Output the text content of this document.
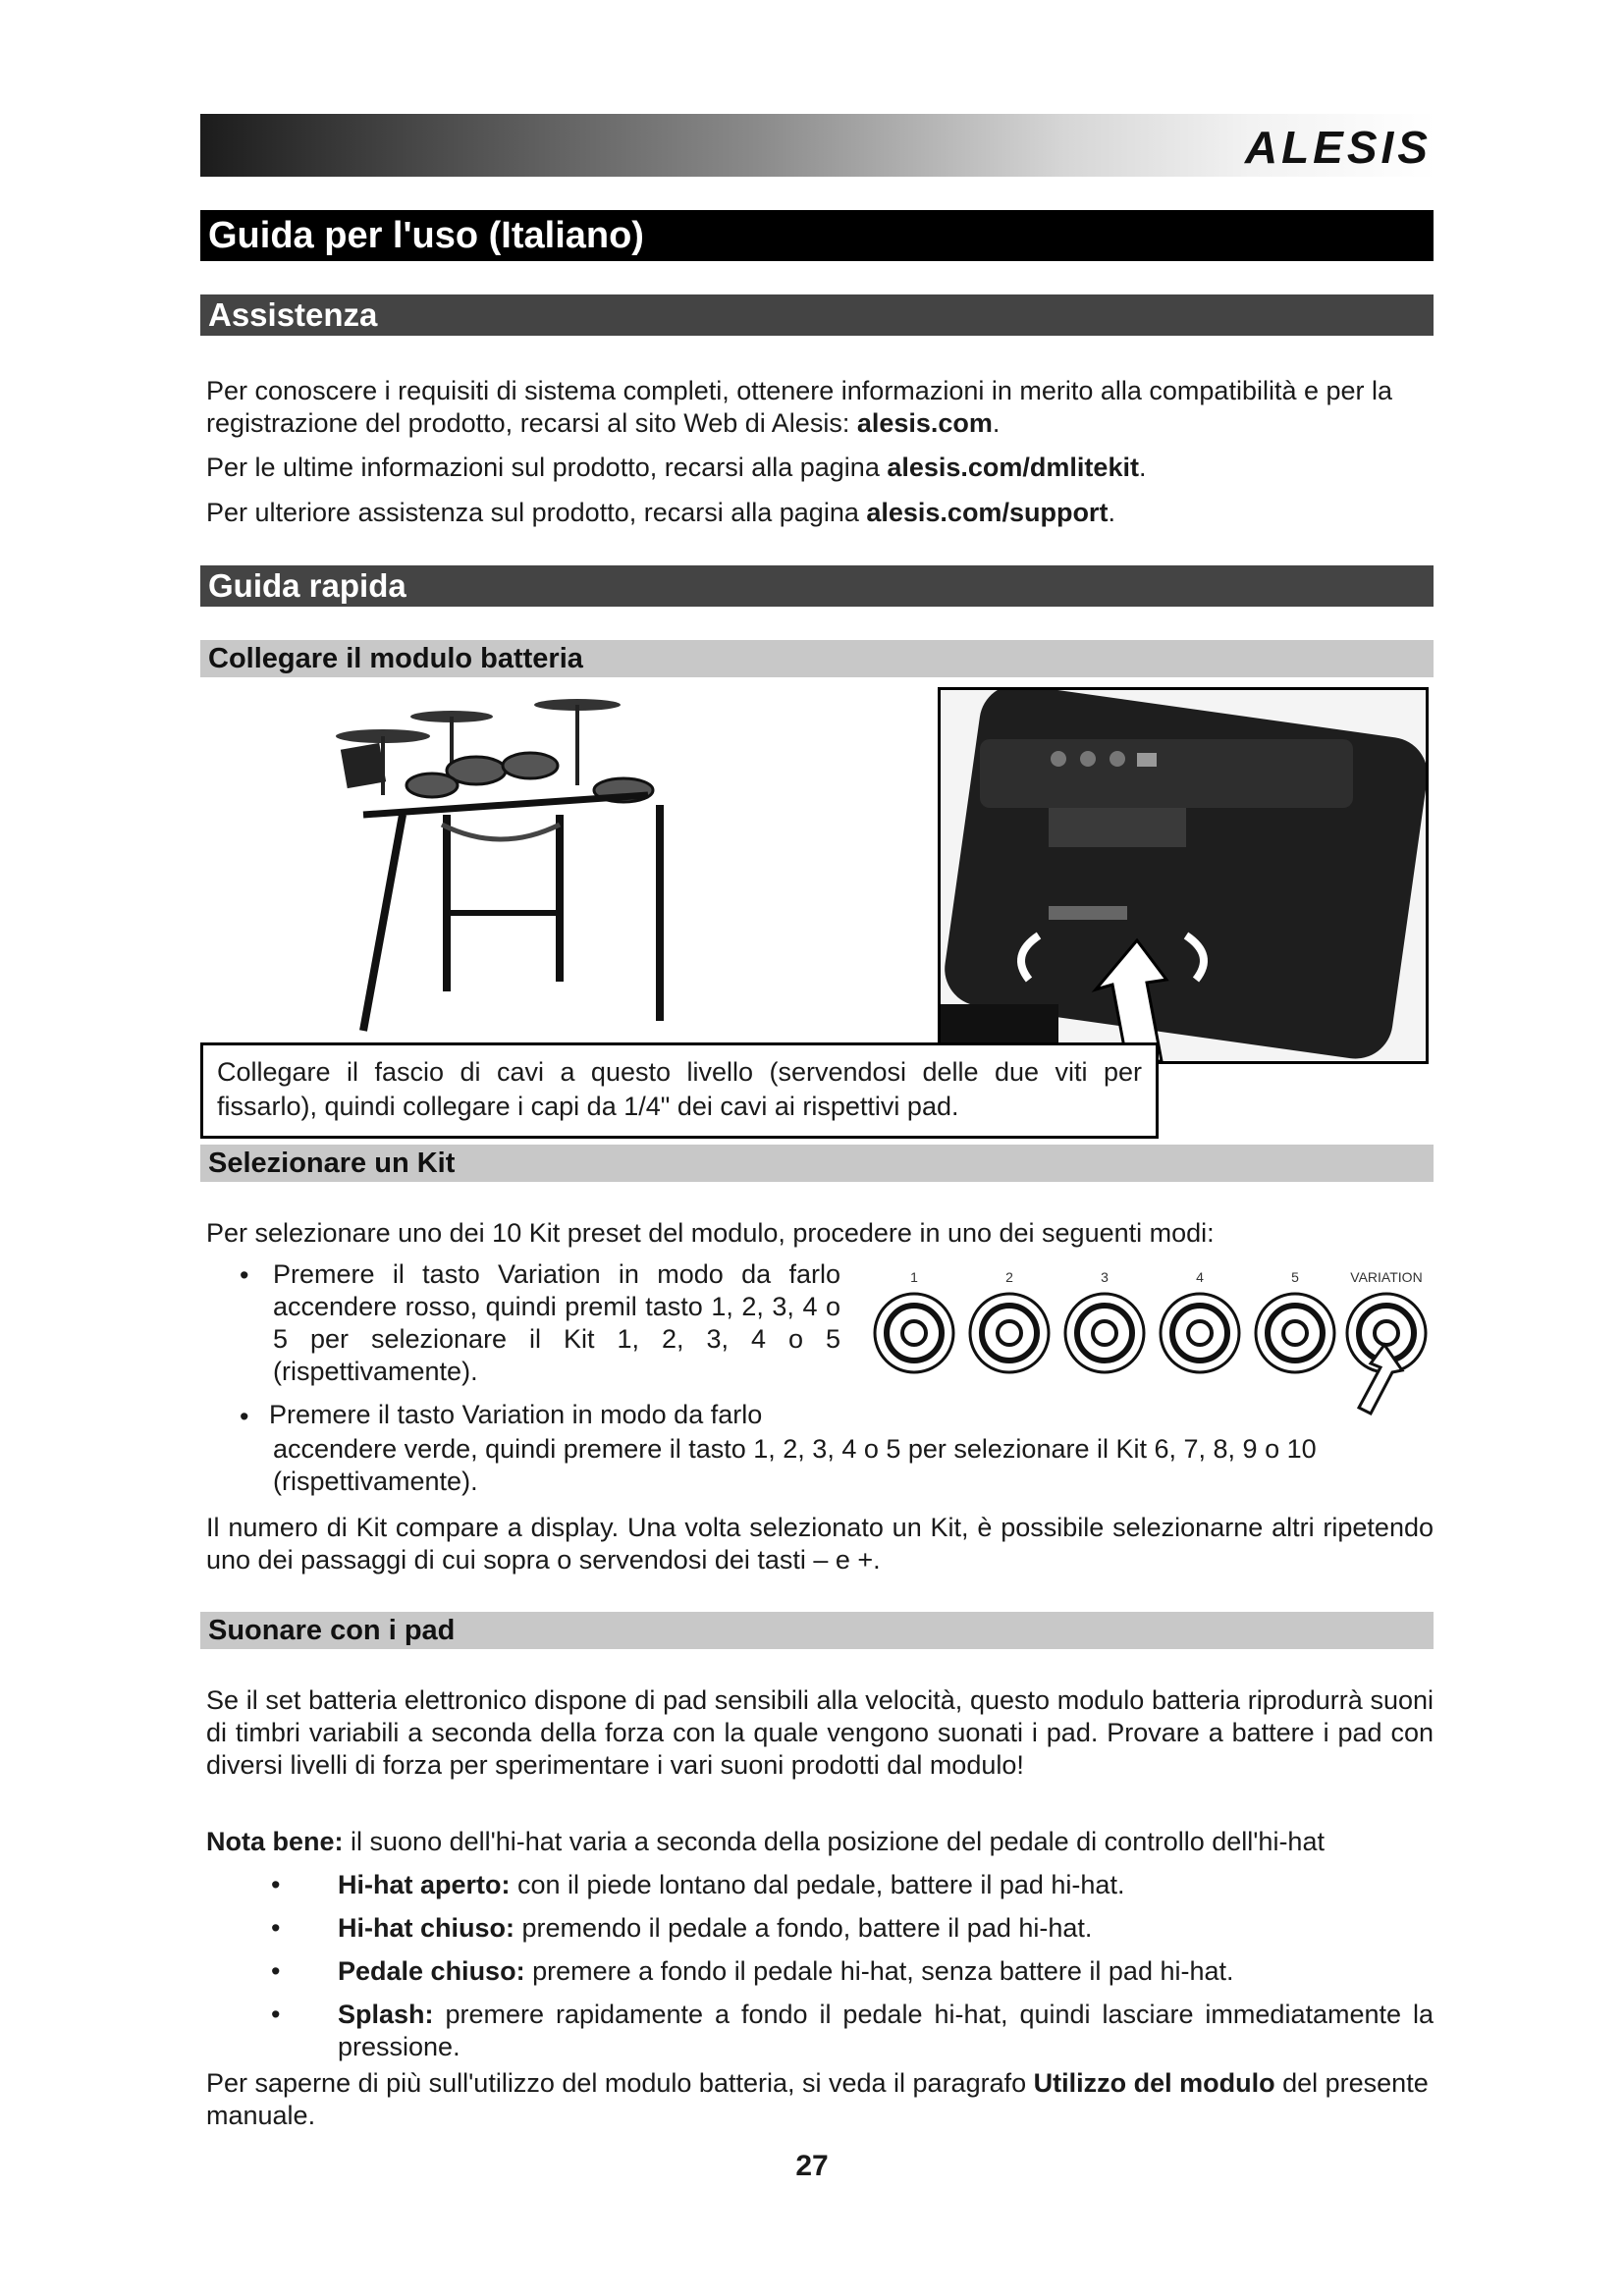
ALESIS
Guida per l'uso (Italiano)
Assistenza
Per conoscere i requisiti di sistema completi, ottenere informazioni in merito alla compatibilità e per la registrazione del prodotto, recarsi al sito Web di Alesis: alesis.com.
Per le ultime informazioni sul prodotto, recarsi alla pagina alesis.com/dmlitekit.
Per ulteriore assistenza sul prodotto, recarsi alla pagina alesis.com/support.
Guida rapida
Collegare il modulo batteria
Collegare il fascio di cavi a questo livello (servendosi delle due viti per fissarlo), quindi collegare i capi da 1/4" dei cavi ai rispettivi pad.
Selezionare un Kit
Per selezionare uno dei 10 Kit preset del modulo, procedere in uno dei seguenti modi:
• Premere il tasto Variation in modo da farlo accendere rosso, quindi premil tasto 1, 2, 3, 4 o 5 per selezionare il Kit 1, 2, 3, 4 o 5 (rispettivamente).
1	2	3	4	5	VARIATION
• Premere il tasto Variation in modo da farlo
accendere verde, quindi premere il tasto 1, 2, 3, 4 o 5 per selezionare il Kit 6, 7, 8, 9 o 10 (rispettivamente).
Il numero di Kit compare a display. Una volta selezionato un Kit, è possibile selezionarne altri ripetendo uno dei passaggi di cui sopra o servendosi dei tasti – e +.
Suonare con i pad
Se il set batteria elettronico dispone di pad sensibili alla velocità, questo modulo batteria riprodurrà suoni di timbri variabili a seconda della forza con la quale vengono suonati i pad. Provare a battere i pad con diversi livelli di forza per sperimentare i vari suoni prodotti dal modulo!
Nota bene: il suono dell'hi-hat varia a seconda della posizione del pedale di controllo dell'hi-hat
•	Hi-hat aperto: con il piede lontano dal pedale, battere il pad hi-hat.
•	Hi-hat chiuso: premendo il pedale a fondo, battere il pad hi-hat.
•	Pedale chiuso: premere a fondo il pedale hi-hat, senza battere il pad hi-hat.
•	Splash: premere rapidamente a fondo il pedale hi-hat, quindi lasciare immediatamente la pressione.
Per saperne di più sull'utilizzo del modulo batteria, si veda il paragrafo Utilizzo del modulo del presente manuale.
27
